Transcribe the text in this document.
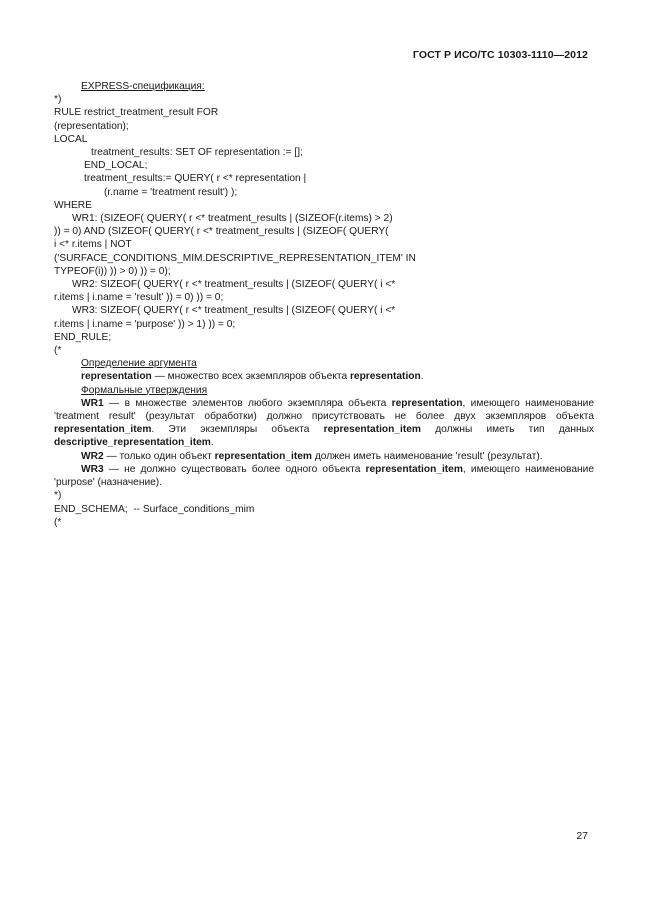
ГОСТ Р ИСО/ТС 10303-1110—2012
EXPRESS-спецификация:
*)
RULE restrict_treatment_result FOR
(representation);
LOCAL
treatment_results: SET OF representation := [];
END_LOCAL;
treatment_results:= QUERY( r <* representation |
(r.name = 'treatment result') );
WHERE
WR1: (SIZEOF( QUERY( r <* treatment_results | (SIZEOF(r.items) > 2)
)) = 0) AND (SIZEOF( QUERY( r <* treatment_results | (SIZEOF( QUERY(
i <* r.items | NOT
('SURFACE_CONDITIONS_MIM.DESCRIPTIVE_REPRESENTATION_ITEM' IN
TYPEOF(i)) )) > 0) )) = 0);
WR2: SIZEOF( QUERY( r <* treatment_results | (SIZEOF( QUERY( i <*
r.items | i.name = 'result' )) = 0) )) = 0;
WR3: SIZEOF( QUERY( r <* treatment_results | (SIZEOF( QUERY( i <*
r.items | i.name = 'purpose' )) > 1) )) = 0;
END_RULE;
(*
Определение аргумента
representation — множество всех экземпляров объекта representation.
Формальные утверждения
WR1 — в множестве элементов любого экземпляра объекта representation, имеющего наименование 'treatment result' (результат обработки) должно присутствовать не более двух экземпляров объекта representation_item. Эти экземпляры объекта representation_item должны иметь тип данных descriptive_representation_item.
WR2 — только один объект representation_item должен иметь наименование 'result' (результат).
WR3 — не должно существовать более одного объекта representation_item, имеющего наименование 'purpose' (назначение).
*)
END_SCHEMA;  -- Surface_conditions_mim
(*
27
